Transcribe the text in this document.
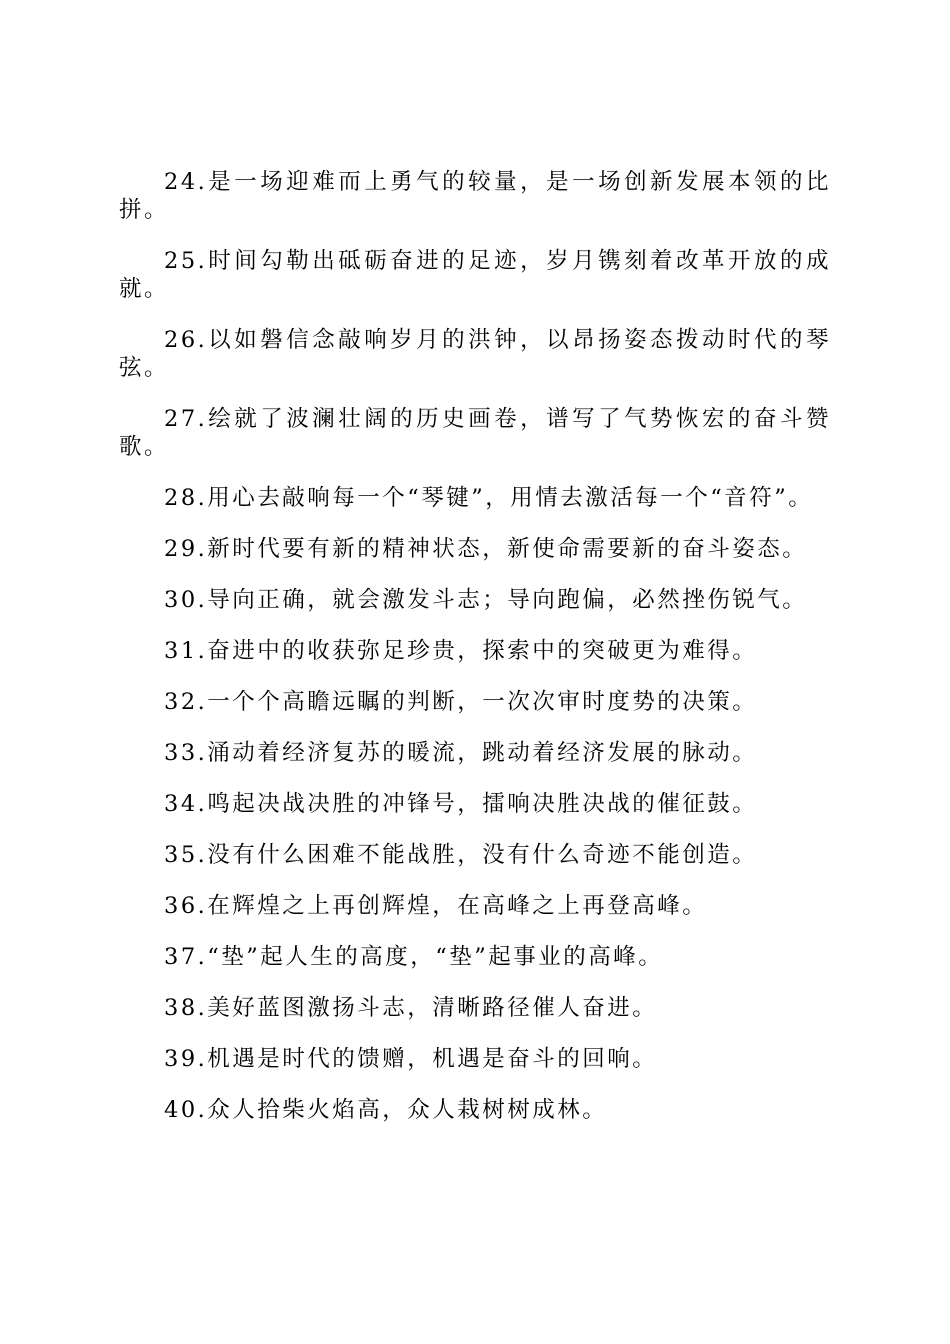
24.是一场迎难而上勇气的较量，是一场创新发展本领的比拼。

25.时间勾勒出砥砺奋进的足迹，岁月镌刻着改革开放的成就。

26.以如磐信念敲响岁月的洪钟，以昂扬姿态拨动时代的琴弦。

27.绘就了波澜壮阔的历史画卷，谱写了气势恢宏的奋斗赞歌。

28.用心去敲响每一个“琴键”，用情去激活每一个“音符”。

29.新时代要有新的精神状态，新使命需要新的奋斗姿态。

30.导向正确，就会激发斗志；导向跑偏，必然挫伤锐气。

31.奋进中的收获弥足珍贵，探索中的突破更为难得。

32.一个个高瞻远瞩的判断，一次次审时度势的决策。

33.涌动着经济复苏的暖流，跳动着经济发展的脉动。

34.鸣起决战决胜的冲锋号，擂响决胜决战的催征鼓。

35.没有什么困难不能战胜，没有什么奇迹不能创造。

36.在辉煌之上再创辉煌，在高峰之上再登高峰。

37.“垫”起人生的高度，“垫”起事业的高峰。

38.美好蓝图激扬斗志，清晰路径催人奋进。

39.机遇是时代的馈赠，机遇是奋斗的回响。

40.众人拾柴火焰高，众人栽树树成林。
